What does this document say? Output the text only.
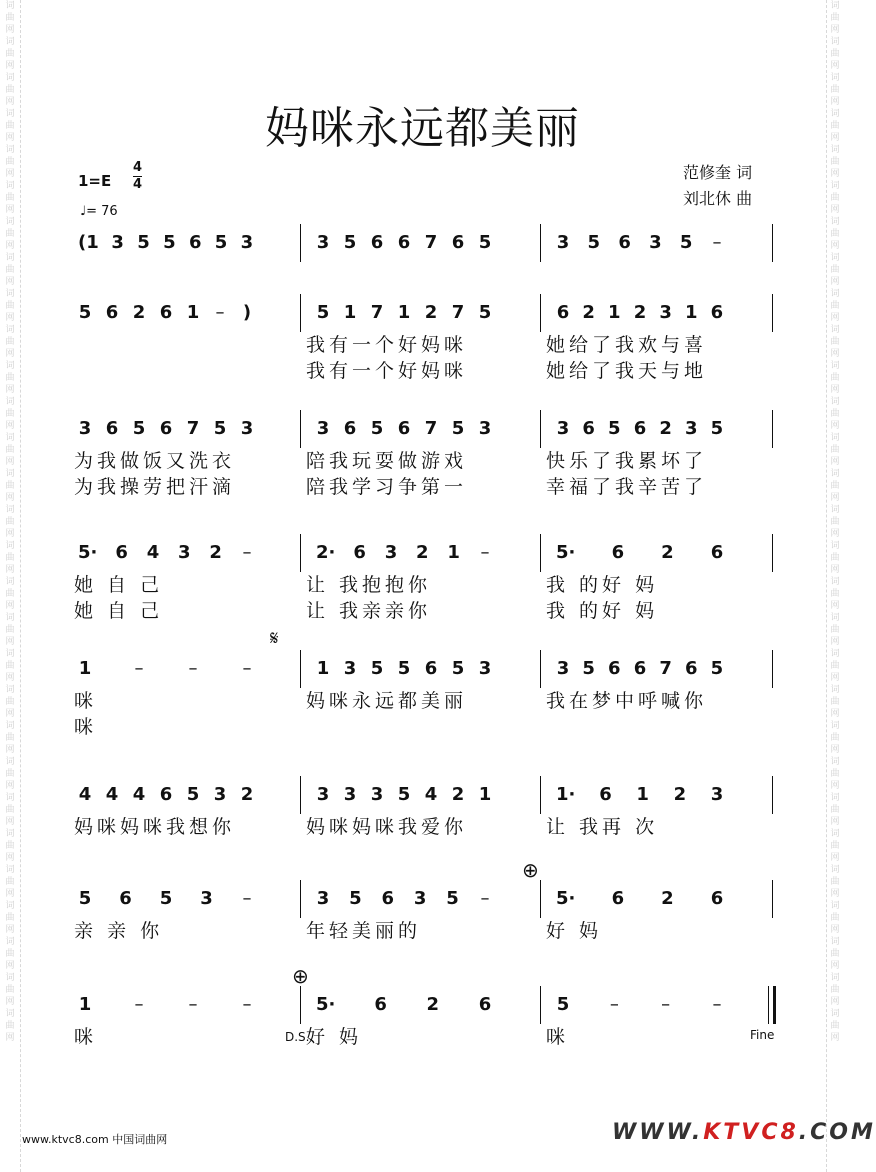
词曲网词曲网词曲网词曲网词曲网词曲网词曲网词曲网词曲网词曲网词曲网词曲网词曲网词曲网词曲网词曲网词曲网词曲网词曲网词曲网词曲网词曲网词曲网词曲网词曲网词曲网词曲网词曲网词曲网
词曲网词曲网词曲网词曲网词曲网词曲网词曲网词曲网词曲网词曲网词曲网词曲网词曲网词曲网词曲网词曲网词曲网词曲网词曲网词曲网词曲网词曲网词曲网词曲网词曲网词曲网词曲网词曲网词曲网
妈咪永远都美丽
1=E
4
4
♩= 76
范修奎 词
刘北休 曲
(1 3 5 5 6 5 3	3 5 6 6 7 6 5	3 5 6 3 5 –
5 6 2 6 1 – )	5 1 7 1 2 7 5
我有一个好妈咪
我有一个好妈咪
6 2 1 2 3 1 6
她给了我欢与喜
她给了我天与地
3 6 5 6 7 5 3
为我做饭又洗衣
为我操劳把汗滴
3 6 5 6 7 5 3
陪我玩耍做游戏
陪我学习争第一
3 6 5 6 2 3 5
快乐了我累坏了
幸福了我辛苦了
5· 6 4 3 2 –
她 自 己
她 自 己
2· 6 3 2 1 –
让 我抱抱你
让 我亲亲你
5· 6 2 6
我 的好 妈
我 的好 妈
1 –	–	–
咪
咪
1 3 5 5 6 5 3
妈咪永远都美丽
3 5 6 6 7 6 5
我在梦中呼喊你
𝄋
4 4 4 6 5 3 2
妈咪妈咪我想你
3 3 3 5 4 2 1
妈咪妈咪我爱你
1· 6 1 2 3
让 我再 次
5 6 5 3 –
亲 亲 你
3 5 6 3 5 –
年轻美丽的
5· 6 2 6
好 妈
⊕
1 –	–	–
咪
5· 6 2 6
好 妈
5 – – –
咪
⊕
D.S.	Fine
www.ktvc8.com 中国词曲网	WWW.KTVC8.COM
